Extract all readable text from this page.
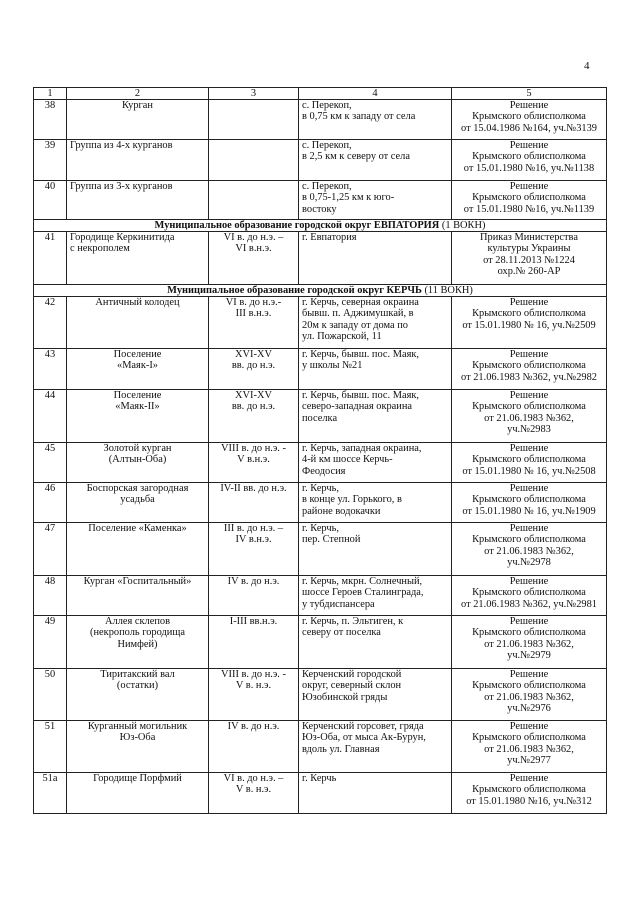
4
1	2	3	4	5
38	Курган		с. Перекоп,
в 0,75 км к западу от села	Решение
Крымского облисполкома
от 15.04.1986 №164, уч.№3139

39	Группа из 4-х курганов		с. Перекоп,
в 2,5 км к северу от села	Решение
Крымского облисполкома
от 15.01.1980 №16, уч.№1138

40	Группа из 3-х курганов		с. Перекоп,
в 0,75-1,25 км к юго-
востоку	Решение
Крымского облисполкома
от 15.01.1980 №16, уч.№1139

Муниципальное образование городской округ ЕВПАТОРИЯ (1 ВОКН)				
41	Городище Керкинитида
с некрополем	VI в. до н.э. –
VI в.н.э.	г. Евпатория	Приказ Министерства
культуры Украины
от 28.11.2013 №1224
охр.№ 260-АР

Муниципальное образование городской округ КЕРЧЬ (11 ВОКН)				
42	Античный колодец	VI в. до н.э.-
III в.н.э.	г. Керчь, северная окраина
бывш. п. Аджимушкай, в
20м к западу от дома по
ул. Пожарской, 11	Решение
Крымского облисполкома
от 15.01.1980 № 16, уч.№2509

43	Поселение
«Маяк-I»	XVI-XV
вв. до н.э.	г. Керчь, бывш. пос. Маяк,
у школы №21	Решение
Крымского облисполкома
от 21.06.1983 №362, уч.№2982

44	Поселение
«Маяк-II»	XVI-XV
вв. до н.э.	г. Керчь, бывш. пос. Маяк,
северо-западная окраина
поселка	Решение
Крымского облисполкома
от 21.06.1983 №362,
уч.№2983

45	Золотой курган
(Алтын-Оба)	VIII в. до н.э. -
V в.н.э.	г. Керчь, западная окраина,
4-й км шоссе Керчь-
Феодосия	Решение
Крымского облисполкома
от 15.01.1980 № 16, уч.№2508

46	Боспорская загородная
усадьба	IV-II вв. до н.э.	г. Керчь,
в конце ул. Горького, в
районе водокачки	Решение
Крымского облисполкома
от 15.01.1980 № 16, уч.№1909

47	Поселение «Каменка»	III в. до н.э. –
IV в.н.э.	г. Керчь,
пер. Степной	Решение
Крымского облисполкома
от 21.06.1983 №362,
уч.№2978

48	Курган «Госпитальный»	IV в. до н.э.	г. Керчь, мкрн. Солнечный,
шоссе Героев Сталинграда,
у тубдиспансера	Решение
Крымского облисполкома
от 21.06.1983 №362, уч.№2981

49	Аллея склепов
(некрополь городища
Нимфей)	I-III вв.н.э.	г. Керчь, п. Эльтиген, к
северу от поселка	Решение
Крымского облисполкома
от 21.06.1983 №362,
уч.№2979

50	Тиритакский вал
(остатки)	VIII в. до н.э. -
V в. н.э.	Керченский городской
округ, северный склон
Юзобинской гряды	Решение
Крымского облисполкома
от 21.06.1983 №362,
уч.№2976

51	Курганный могильник
Юз-Оба	IV в. до н.э.	Керченский горсовет, гряда
Юз-Оба, от мыса Ак-Бурун,
вдоль ул. Главная	Решение
Крымского облисполкома
от 21.06.1983 №362,
уч.№2977

51а	Городище Порфмий	VI в. до н.э. –
V в. н.э.	г. Керчь	Решение
Крымского облисполкома
от 15.01.1980 №16, уч.№312
